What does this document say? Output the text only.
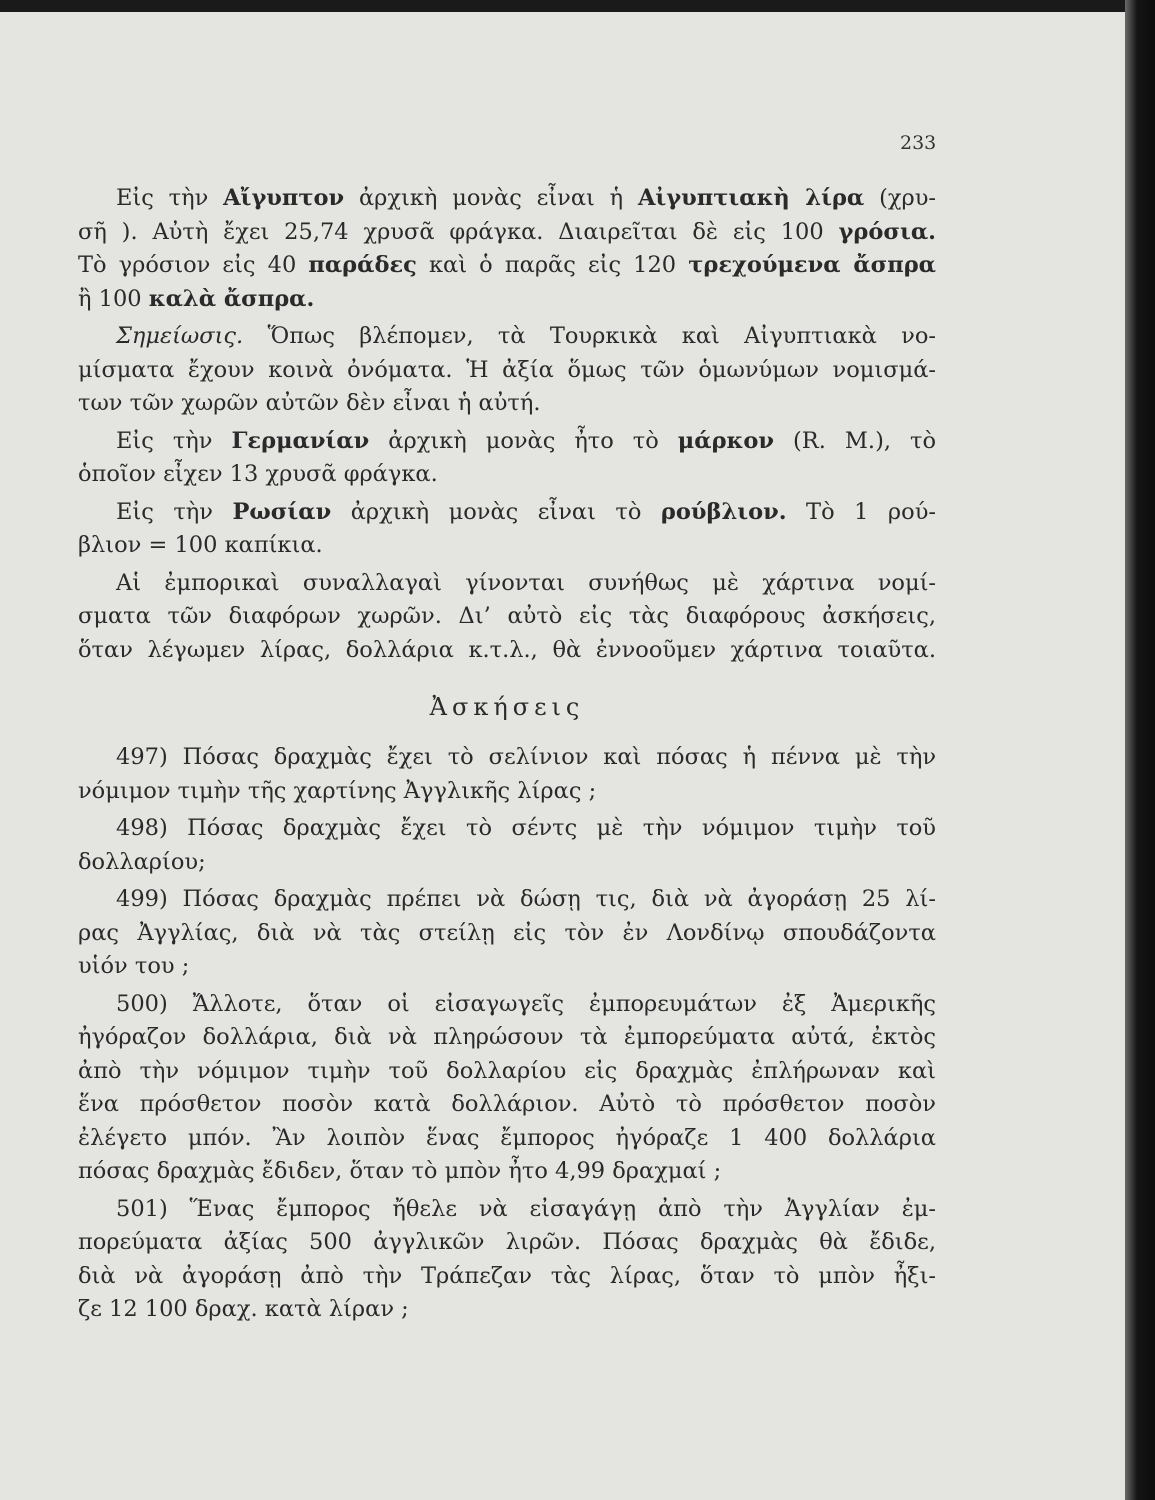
233
Εἰς τὴν Αἴγυπτον ἀρχικὴ μονὰς εἶναι ἡ Αἰγυπτιακὴ λίρα (χρυ-
σῆ ). Αὐτὴ ἔχει 25,74 χρυσᾶ φράγκα. Διαιρεῖται δὲ εἰς 100 γρόσια.
Τὸ γρόσιον εἰς 40 παράδες καὶ ὁ παρᾶς εἰς 120 τρεχούμενα ἄσπρα
ἢ 100 καλὰ ἄσπρα.
Σημείωσις. Ὅπως βλέπομεν, τὰ Τουρκικὰ καὶ Αἰγυπτιακὰ νο-
μίσματα ἔχουν κοινὰ ὀνόματα. Ἡ ἀξία ὅμως τῶν ὁμωνύμων νομισμά-
των τῶν χωρῶν αὐτῶν δὲν εἶναι ἡ αὐτή.
Εἰς τὴν Γερμανίαν ἀρχικὴ μονὰς ἦτο τὸ μάρκον (R. M.), τὸ
ὁποῖον εἶχεν 13 χρυσᾶ φράγκα.
Εἰς τὴν Ρωσίαν ἀρχικὴ μονὰς εἶναι τὸ ρούβλιον. Τὸ 1 ρού-
βλιον = 100 καπίκια.
Αἱ ἐμπορικαὶ συναλλαγαὶ γίνονται συνήθως μὲ χάρτινα νομί-
σματα τῶν διαφόρων χωρῶν. Δι’ αὐτὸ εἰς τὰς διαφόρους ἀσκήσεις,
ὅταν λέγωμεν λίρας, δολλάρια κ.τ.λ., θὰ ἐννοοῦμεν χάρτινα τοιαῦτα.
Ἀσκήσεις
497) Πόσας δραχμὰς ἔχει τὸ σελίνιον καὶ πόσας ἡ πέννα μὲ τὴν
νόμιμον τιμὴν τῆς χαρτίνης Ἀγγλικῆς λίρας ;
498) Πόσας δραχμὰς ἔχει τὸ σέντς μὲ τὴν νόμιμον τιμὴν τοῦ
δολλαρίου;
499) Πόσας δραχμὰς πρέπει νὰ δώσῃ τις, διὰ νὰ ἀγοράσῃ 25 λί-
ρας Ἀγγλίας, διὰ νὰ τὰς στείλῃ εἰς τὸν ἐν Λονδίνῳ σπουδάζοντα
υἱόν του ;
500) Ἄλλοτε, ὅταν οἱ εἰσαγωγεῖς ἐμπορευμάτων ἐξ Ἀμερικῆς
ἠγόραζον δολλάρια, διὰ νὰ πληρώσουν τὰ ἐμπορεύματα αὐτά, ἐκτὸς
ἀπὸ τὴν νόμιμον τιμὴν τοῦ δολλαρίου εἰς δραχμὰς ἐπλήρωναν καὶ
ἕνα πρόσθετον ποσὸν κατὰ δολλάριον. Αὐτὸ τὸ πρόσθετον ποσὸν
ἐλέγετο μπόν. Ἂν λοιπὸν ἕνας ἔμπορος ἠγόραζε 1 400 δολλάρια
πόσας δραχμὰς ἔδιδεν, ὅταν τὸ μπὸν ἦτο 4,99 δραχμαί ;
501) Ἕνας ἔμπορος ἤθελε νὰ εἰσαγάγῃ ἀπὸ τὴν Ἀγγλίαν ἐμ-
πορεύματα ἀξίας 500 ἀγγλικῶν λιρῶν. Πόσας δραχμὰς θὰ ἔδιδε,
διὰ νὰ ἀγοράσῃ ἀπὸ τὴν Τράπεζαν τὰς λίρας, ὅταν τὸ μπὸν ἦξι-
ζε 12 100 δραχ. κατὰ λίραν ;
